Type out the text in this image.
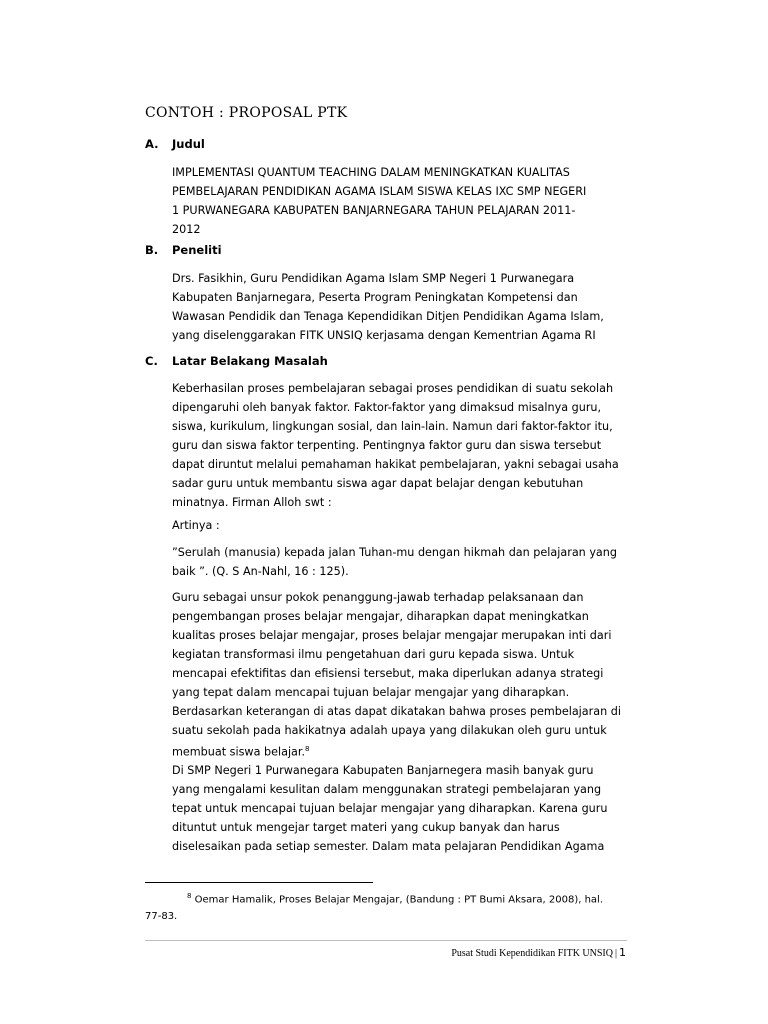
CONTOH : PROPOSAL PTK
A. Judul
IMPLEMENTASI QUANTUM TEACHING DALAM MENINGKATKAN KUALITAS
PEMBELAJARAN PENDIDIKAN AGAMA ISLAM SISWA KELAS IXC SMP NEGERI
1 PURWANEGARA KABUPATEN BANJARNEGARA TAHUN PELAJARAN 2011-
2012
B. Peneliti
Drs. Fasikhin, Guru Pendidikan Agama Islam SMP Negeri 1 Purwanegara
Kabupaten Banjarnegara, Peserta Program Peningkatan Kompetensi dan
Wawasan Pendidik dan Tenaga Kependidikan Ditjen Pendidikan Agama Islam,
yang diselenggarakan FITK UNSIQ kerjasama dengan Kementrian Agama RI
C. Latar Belakang Masalah
Keberhasilan proses pembelajaran sebagai proses pendidikan di suatu sekolah
dipengaruhi oleh banyak faktor. Faktor-faktor yang dimaksud misalnya guru,
siswa, kurikulum, lingkungan sosial, dan lain-lain. Namun dari faktor-faktor itu,
guru dan siswa faktor terpenting. Pentingnya faktor guru dan siswa tersebut
dapat diruntut melalui pemahaman hakikat pembelajaran, yakni sebagai usaha
sadar guru untuk membantu siswa agar dapat belajar dengan kebutuhan
minatnya. Firman Alloh swt :
Artinya :
”Serulah (manusia) kepada jalan Tuhan-mu dengan hikmah dan pelajaran yang
baik ”. (Q. S An-Nahl, 16 : 125).
Guru sebagai unsur pokok penanggung-jawab terhadap pelaksanaan dan
pengembangan proses belajar mengajar, diharapkan dapat meningkatkan
kualitas proses belajar mengajar, proses belajar mengajar merupakan inti dari
kegiatan transformasi ilmu pengetahuan dari guru kepada siswa. Untuk
mencapai efektifitas dan efisiensi tersebut, maka diperlukan adanya strategi
yang tepat dalam mencapai tujuan belajar mengajar yang diharapkan.
Berdasarkan keterangan di atas dapat dikatakan bahwa proses pembelajaran di
suatu sekolah pada hakikatnya adalah upaya yang dilakukan oleh guru untuk
membuat siswa belajar.$^8$
Di SMP Negeri 1 Purwanegara Kabupaten Banjarnegera masih banyak guru
yang mengalami kesulitan dalam menggunakan strategi pembelajaran yang
tepat untuk mencapai tujuan belajar mengajar yang diharapkan. Karena guru
dituntut untuk mengejar target materi yang cukup banyak dan harus
diselesaikan pada setiap semester. Dalam mata pelajaran Pendidikan Agama
$^8$ Oemar Hamalik, Proses Belajar Mengajar, (Bandung : PT Bumi Aksara, 2008), hal.
77-83.
Pusat Studi Kependidikan FITK UNSIQ | 1
